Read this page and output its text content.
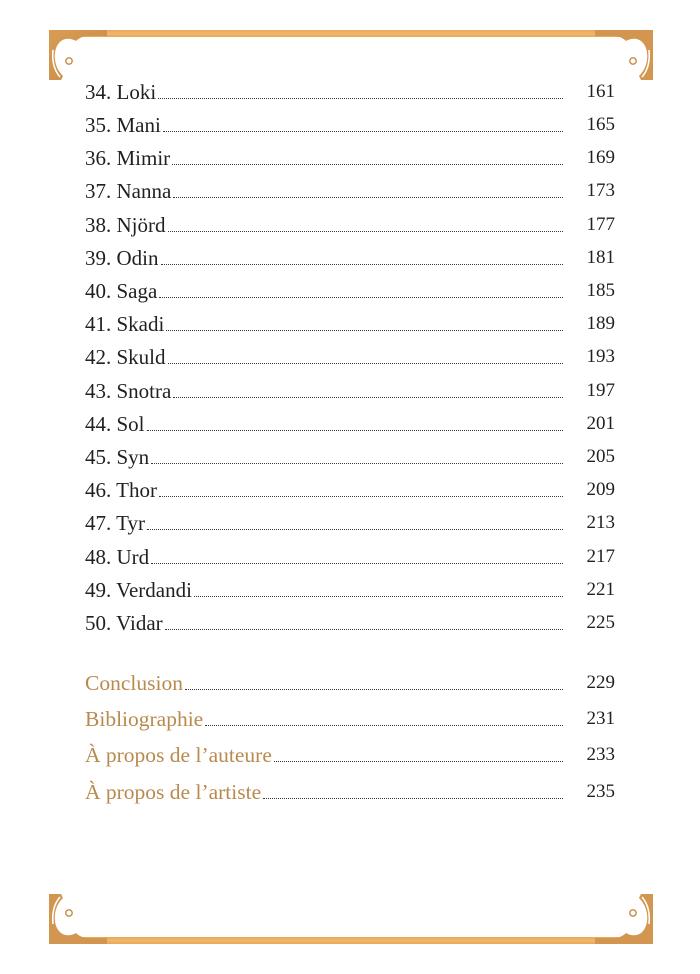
34. Loki	161
35. Mani	165
36. Mimir	169
37. Nanna	173
38. Njörd	177
39. Odin	181
40. Saga	185
41. Skadi	189
42. Skuld	193
43. Snotra	197
44. Sol	201
45. Syn	205
46. Thor	209
47. Tyr	213
48. Urd	217
49. Verdandi	221
50. Vidar	225
Conclusion	229
Bibliographie	231
À propos de l’auteure	233
À propos de l’artiste	235
